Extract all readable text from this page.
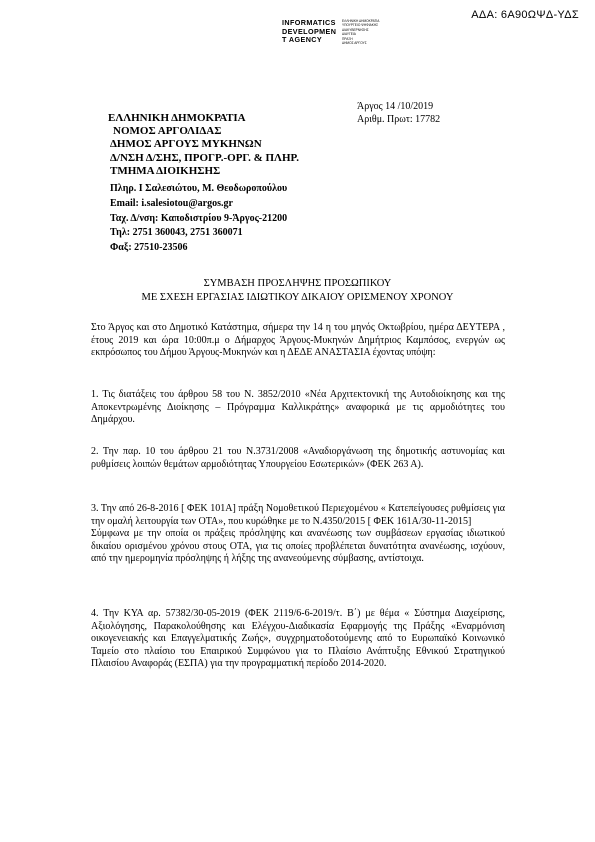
ΑΔΑ: 6Α90ΩΨΔ-ΥΔΣ
INFORMATICS
DEVELOPMEN
T AGENCY
ΕΛΛΗΝΙΚΗ ΔΗΜΟΚΡΑΤΙΑ
ΥΠΟΥΡΓΕΙΟ ΨΗΦΙΑΚΗΣ
ΔΙΑΚΥΒΕΡΝΗΣΗΣ
ΔΙΑΥΓΕΙΑ
ΠΡΑΞΗ
ΔΗΜΟΣ ΑΡΓΟΥΣ
Άργος 14 /10/2019
Αριθμ. Πρωτ: 17782
ΕΛΛΗΝΙΚΗ ΔΗΜΟΚΡΑΤΙΑ
ΝΟΜΟΣ ΑΡΓΟΛΙΔΑΣ
ΔΗΜΟΣ ΑΡΓΟΥΣ ΜΥΚΗΝΩΝ
Δ/ΝΣΗ Δ/ΣΗΣ, ΠΡΟΓΡ.-ΟΡΓ. & ΠΛΗΡ.
ΤΜΗΜΑ ΔΙΟΙΚΗΣΗΣ
Πληρ. Ι Σαλεσιώτου, Μ. Θεοδωροπούλου
Email: i.salesiotou@argos.gr
Ταχ. Δ/νση: Καποδιστρίου 9-Άργος-21200
Τηλ: 2751 360043, 2751 360071
Φαξ: 27510-23506
ΣΥΜΒΑΣΗ ΠΡΟΣΛΗΨΗΣ ΠΡΟΣΩΠΙΚΟΥ
ΜΕ ΣΧΕΣΗ ΕΡΓΑΣΙΑΣ ΙΔΙΩΤΙΚΟΥ ΔΙΚΑΙΟΥ ΟΡΙΣΜΕΝΟΥ ΧΡΟΝΟΥ

Στο Άργος και στο Δημοτικό Κατάστημα, σήμερα την 14 η του μηνός Οκτωβρίου, ημέρα ΔΕΥΤΕΡΑ , έτους 2019 και ώρα 10:00π.μ ο Δήμαρχος Άργους-Μυκηνών Δημήτριος Καμπόσος, ενεργών ως εκπρόσωπος του Δήμου Άργους-Μυκηνών και η ΔΕΔΕ ΑΝΑΣΤΑΣΙΑ έχοντας υπόψη:

1. Τις διατάξεις του άρθρου 58 του Ν. 3852/2010 «Νέα Αρχιτεκτονική της Αυτοδιοίκησης και της Αποκεντρωμένης Διοίκησης – Πρόγραμμα Καλλικράτης» αναφορικά με τις αρμοδιότητες του Δημάρχου.

2. Την παρ. 10 του άρθρου 21 του Ν.3731/2008 «Αναδιοργάνωση της δημοτικής αστυνομίας και ρυθμίσεις λοιπών θεμάτων αρμοδιότητας Υπουργείου Εσωτερικών» (ΦΕΚ 263 Α).

3. Την από 26-8-2016 [ ΦΕΚ 101Α] πράξη Νομοθετικού Περιεχομένου « Κατεπείγουσες ρυθμίσεις για την ομαλή λειτουργία των ΟΤΑ», που κυρώθηκε με το Ν.4350/2015 [ ΦΕΚ 161Α/30-11-2015]

Σύμφωνα με την οποία οι πράξεις πρόσληψης και ανανέωσης των συμβάσεων εργασίας ιδιωτικού δικαίου ορισμένου χρόνου στους ΟΤΑ, για τις οποίες προβλέπεται δυνατότητα ανανέωσης, ισχύουν, από την ημερομηνία πρόσληψης ή λήξης της ανανεούμενης σύμβασης, αντίστοιχα.

4. Την ΚΥΑ αρ. 57382/30-05-2019 (ΦΕΚ 2119/6-6-2019/τ. Β΄) με θέμα « Σύστημα Διαχείρισης, Αξιολόγησης, Παρακολούθησης και Ελέγχου-Διαδικασία Εφαρμογής της Πράξης «Εναρμόνιση οικογενειακής και Επαγγελματικής Ζωής», συγχρηματοδοτούμενης από το Ευρωπαϊκό Κοινωνικό Ταμείο στο πλαίσιο του Επαιρικού Συμφώνου για το Πλαίσιο Ανάπτυξης Εθνικού Στρατηγικού Πλαισίου Αναφοράς (ΕΣΠΑ) για την προγραμματική περίοδο 2014-2020.
